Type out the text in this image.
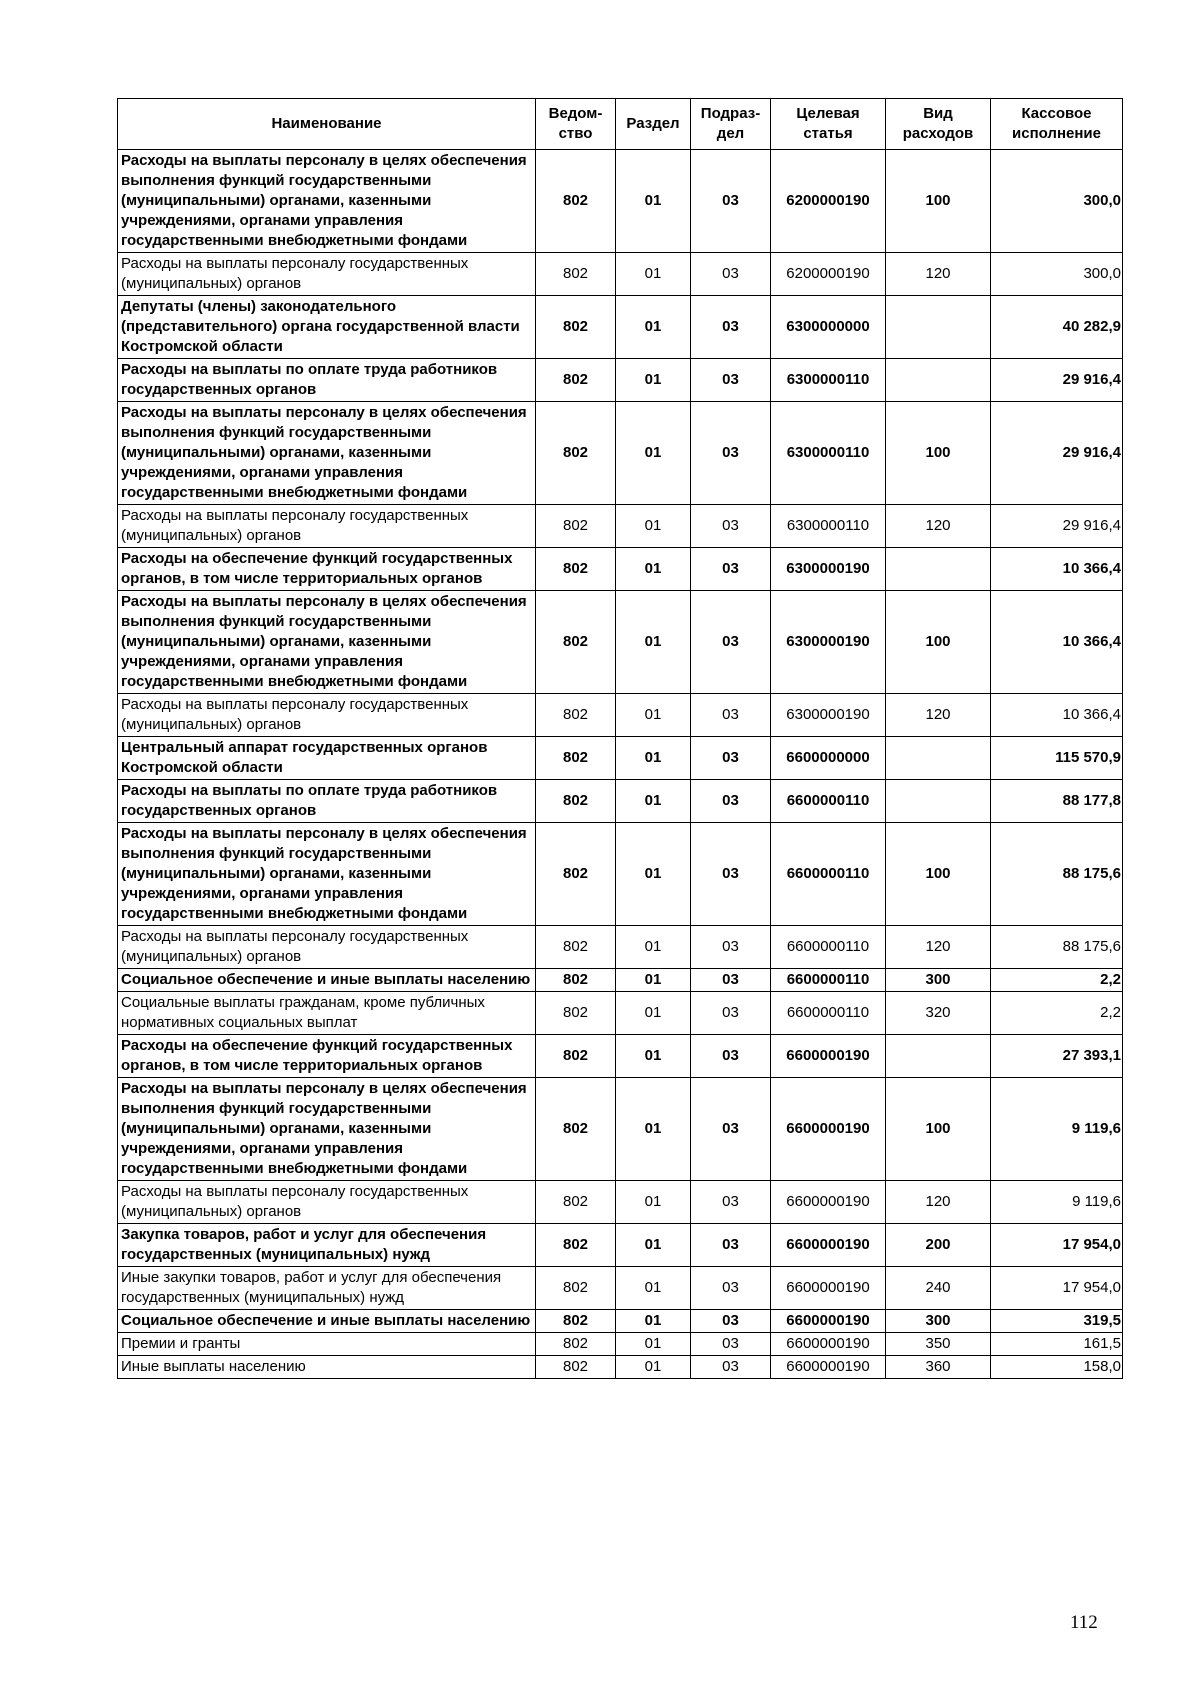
Наименование	Ведом-ство	Раздел	Подраз-дел	Целевая статья	Вид расходов	Кассовое исполнение
Расходы на выплаты персоналу в целях обеспечения выполнения функций государственными (муниципальными) органами, казенными учреждениями, органами управления государственными внебюджетными фондами	802	01	03	6200000190	100	300,0
Расходы на выплаты персоналу государственных (муниципальных) органов	802	01	03	6200000190	120	300,0
Депутаты (члены) законодательного (представительного) органа государственной власти Костромской области	802	01	03	6300000000		40 282,9
Расходы на выплаты по оплате труда работников государственных органов	802	01	03	6300000110		29 916,4
Расходы на выплаты персоналу в целях обеспечения выполнения функций государственными (муниципальными) органами, казенными учреждениями, органами управления государственными внебюджетными фондами	802	01	03	6300000110	100	29 916,4
Расходы на выплаты персоналу государственных (муниципальных) органов	802	01	03	6300000110	120	29 916,4
Расходы на обеспечение функций государственных органов, в том числе территориальных органов	802	01	03	6300000190		10 366,4
Расходы на выплаты персоналу в целях обеспечения выполнения функций государственными (муниципальными) органами, казенными учреждениями, органами управления государственными внебюджетными фондами	802	01	03	6300000190	100	10 366,4
Расходы на выплаты персоналу государственных (муниципальных) органов	802	01	03	6300000190	120	10 366,4
Центральный аппарат государственных органов Костромской области	802	01	03	6600000000		115 570,9
Расходы на выплаты по оплате труда работников государственных органов	802	01	03	6600000110		88 177,8
Расходы на выплаты персоналу в целях обеспечения выполнения функций государственными (муниципальными) органами, казенными учреждениями, органами управления государственными внебюджетными фондами	802	01	03	6600000110	100	88 175,6
Расходы на выплаты персоналу государственных (муниципальных) органов	802	01	03	6600000110	120	88 175,6
Социальное обеспечение и иные выплаты населению	802	01	03	6600000110	300	2,2
Социальные выплаты гражданам, кроме публичных нормативных социальных выплат	802	01	03	6600000110	320	2,2
Расходы на обеспечение функций государственных органов, в том числе территориальных органов	802	01	03	6600000190		27 393,1
Расходы на выплаты персоналу в целях обеспечения выполнения функций государственными (муниципальными) органами, казенными учреждениями, органами управления государственными внебюджетными фондами	802	01	03	6600000190	100	9 119,6
Расходы на выплаты персоналу государственных (муниципальных) органов	802	01	03	6600000190	120	9 119,6
Закупка товаров, работ и услуг для обеспечения государственных (муниципальных) нужд	802	01	03	6600000190	200	17 954,0
Иные закупки товаров, работ и услуг для обеспечения государственных (муниципальных) нужд	802	01	03	6600000190	240	17 954,0
Социальное обеспечение и иные выплаты населению	802	01	03	6600000190	300	319,5
Премии и гранты	802	01	03	6600000190	350	161,5
Иные выплаты населению	802	01	03	6600000190	360	158,0
112
